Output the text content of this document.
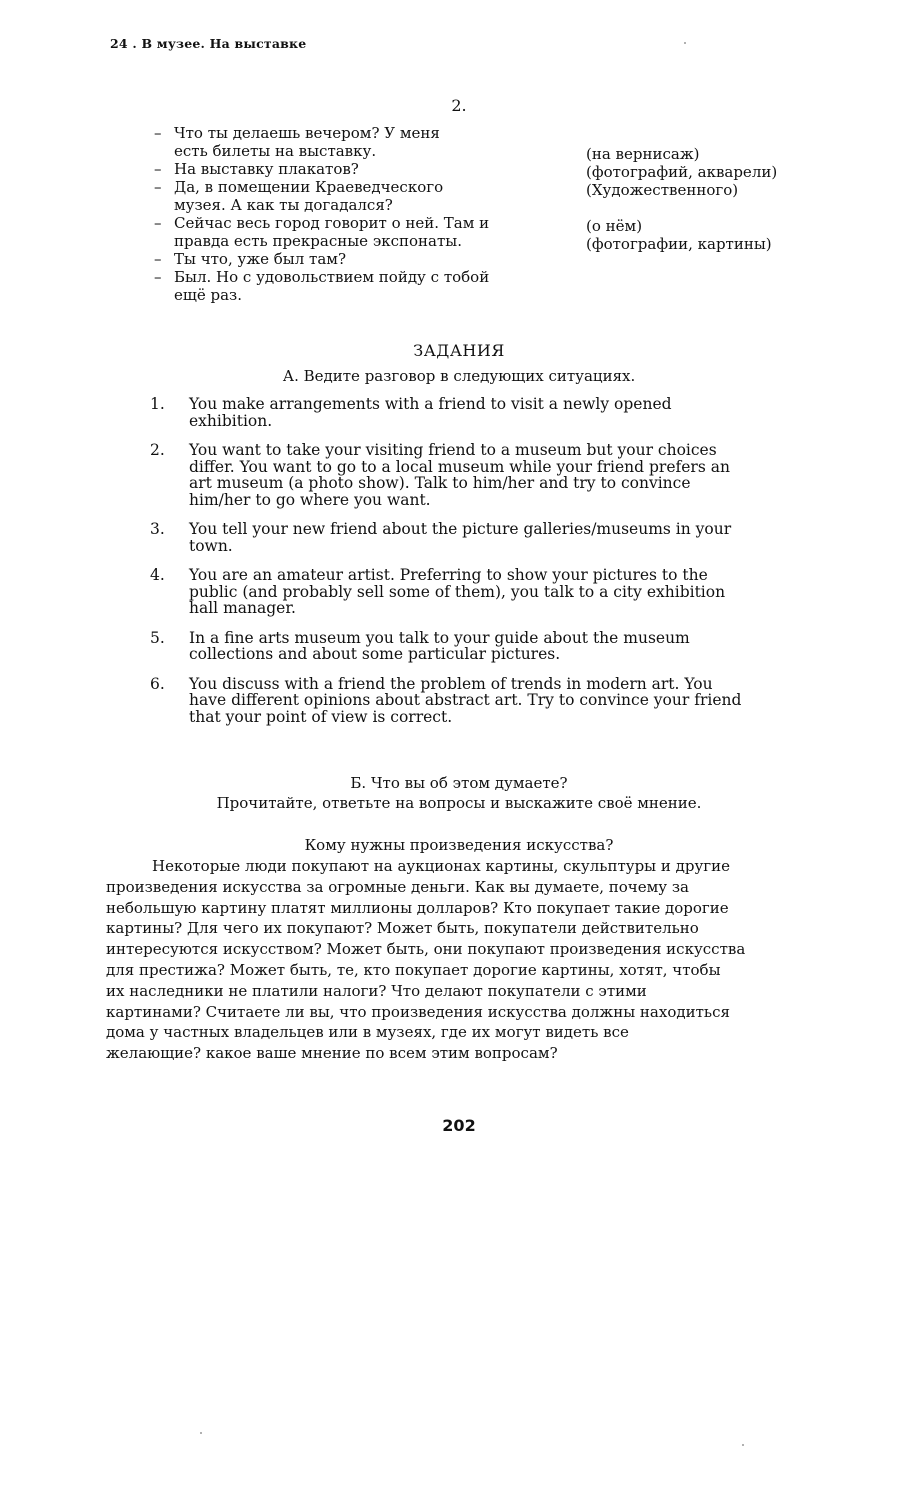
24 . В музее. На выставке
2.
– Что ты делаешь вечером? У меня
есть билеты на выставку.
– На выставку плакатов?
– Да, в помещении Краеведческого
музея. А как ты догадался?
– Сейчас весь город говорит о ней. Там и
правда есть прекрасные экспонаты.
– Ты что, уже был там?
– Был. Но с удовольствием пойду с тобой
ещё раз.
(на вернисаж)
(фотографий, акварели)
(Художественного)
(о нём)
(фотографии, картины)
ЗАДАНИЯ
А. Ведите разговор в следующих ситуациях.
1.	You make arrangements with a friend to visit a newly opened
exhibition.
2.	You want to take your visiting friend to a museum but your choices
differ. You want to go to a local museum while your friend prefers an
art museum (a photo show). Talk to him/her and try to convince
him/her to go where you want.
3.	You tell your new friend about the picture galleries/museums in your
town.
4.	You are an amateur artist. Preferring to show your pictures to the
public (and probably sell some of them), you talk to a city exhibition
hall manager.
5.	In a fine arts museum you talk to your guide about the museum
collections and about some particular pictures.
6.	You discuss with a friend the problem of trends in modern art. You
have different opinions about abstract art. Try to convince your friend
that your point of view is correct.
Б. Что вы об этом думаете?
Прочитайте, ответьте на вопросы и выскажите своё мнение.
Кому нужны произведения искусства?
Некоторые люди покупают на аукционах картины, скульптуры и другие
произведения искусства за огромные деньги. Как вы думаете, почему за
небольшую картину платят миллионы долларов? Кто покупает такие дорогие
картины? Для чего их покупают? Может быть, покупатели действительно
интересуются искусством? Может быть, они покупают произведения искусства
для престижа? Может быть, те, кто покупает дорогие картины, хотят, чтобы
их наследники не платили налоги? Что делают покупатели с этими
картинами? Считаете ли вы, что произведения искусства должны находиться
дома у частных владельцев или в музеях, где их могут видеть все
желающие? какое ваше мнение по всем этим вопросам?
202
